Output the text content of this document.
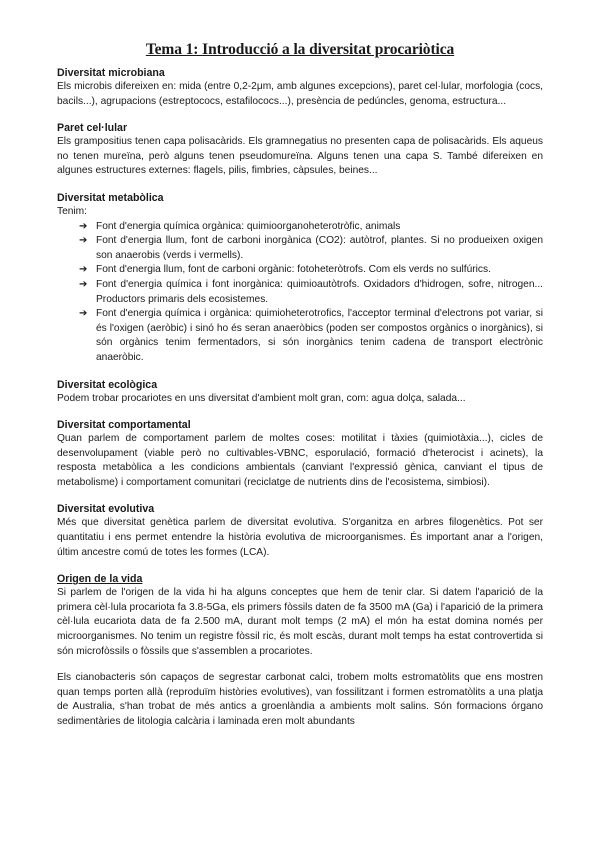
Tema 1: Introducció a la diversitat procariòtica

Diversitat microbiana

Els microbis difereixen en: mida (entre 0,2-2μm, amb algunes excepcions), paret cel·lular, morfologia (cocs, bacils...), agrupacions (estreptococs, estafilococs...), presència de pedúncles, genoma, estructura...

Paret cel·lular

Els grampositius tenen capa polisacàrids. Els gramnegatius no presenten capa de polisacàrids. Els aqueus no tenen mureïna, però alguns tenen pseudomureïna. Alguns tenen una capa S. També difereixen en algunes estructures externes: flagels, pilis, fimbries, càpsules, beines...

Diversitat metabòlica

Tenim:

➔ Font d'energia química orgànica: quimioorganoheterotròfic, animals
➔ Font d'energia llum, font de carboni inorgànica (CO2): autòtrof, plantes. Si no produeixen oxigen son anaerobis (verds i vermells).
➔ Font d'energia llum, font de carboni orgànic: fotoheteròtrofs. Com els verds no sulfúrics.
➔ Font d'energia química i font inorgànica: quimioautòtrofs. Oxidadors d'hidrogen, sofre, nitrogen... Productors primaris dels ecosistemes.
➔ Font d'energia química i orgànica: quimioheterotrofics, l'acceptor terminal d'electrons pot variar, si és l'oxigen (aeròbic) i sinó ho és seran anaeròbics (poden ser compostos orgànics o inorgànics), si són orgànics tenim fermentadors, si són inorgànics tenim cadena de transport electrònic anaeròbic.

Diversitat ecològica

Podem trobar procariotes en uns diversitat d'ambient molt gran, com: agua dolça, salada...

Diversitat comportamental

Quan parlem de comportament parlem de moltes coses: motilitat i tàxies (quimiotàxia...), cicles de desenvolupament (viable però no cultivables-VBNC, esporulació, formació d'heterocist i acinets), la resposta metabòlica a les condicions ambientals (canviant l'expressió gènica, canviant el tipus de metabolisme) i comportament comunitari (reciclatge de nutrients dins de l'ecosistema, simbiosi).

Diversitat evolutiva

Més que diversitat genètica parlem de diversitat evolutiva. S'organitza en arbres filogenètics. Pot ser quantitatiu i ens permet entendre la història evolutiva de microorganismes. És important anar a l'origen, últim ancestre comú de totes les formes (LCA).

Origen de la vida

Si parlem de l'origen de la vida hi ha alguns conceptes que hem de tenir clar. Si datem l'aparició de la primera cèl·lula procariota fa 3.8-5Ga, els primers fòssils daten de fa 3500 mA (Ga) i l'aparició de la primera cèl·lula eucariota data de fa 2.500 mA, durant molt temps (2 mA) el món ha estat domina només per microorganismes. No tenim un registre fòssil ric, és molt escàs, durant molt temps ha estat controvertida si són microfòssils o fòssils que s'assemblen a procariotes.

Els cianobacteris són capaços de segrestar carbonat calci, trobem molts estromatòlits que ens mostren quan temps porten allà (reproduïm històries evolutives), van fossilitzant i formen estromatòlits a una platja de Australia, s'han trobat de més antics a groenlàndia a ambients molt salins. Són formacions órgano sedimentàries de litologia calcària i laminada eren molt abundants
